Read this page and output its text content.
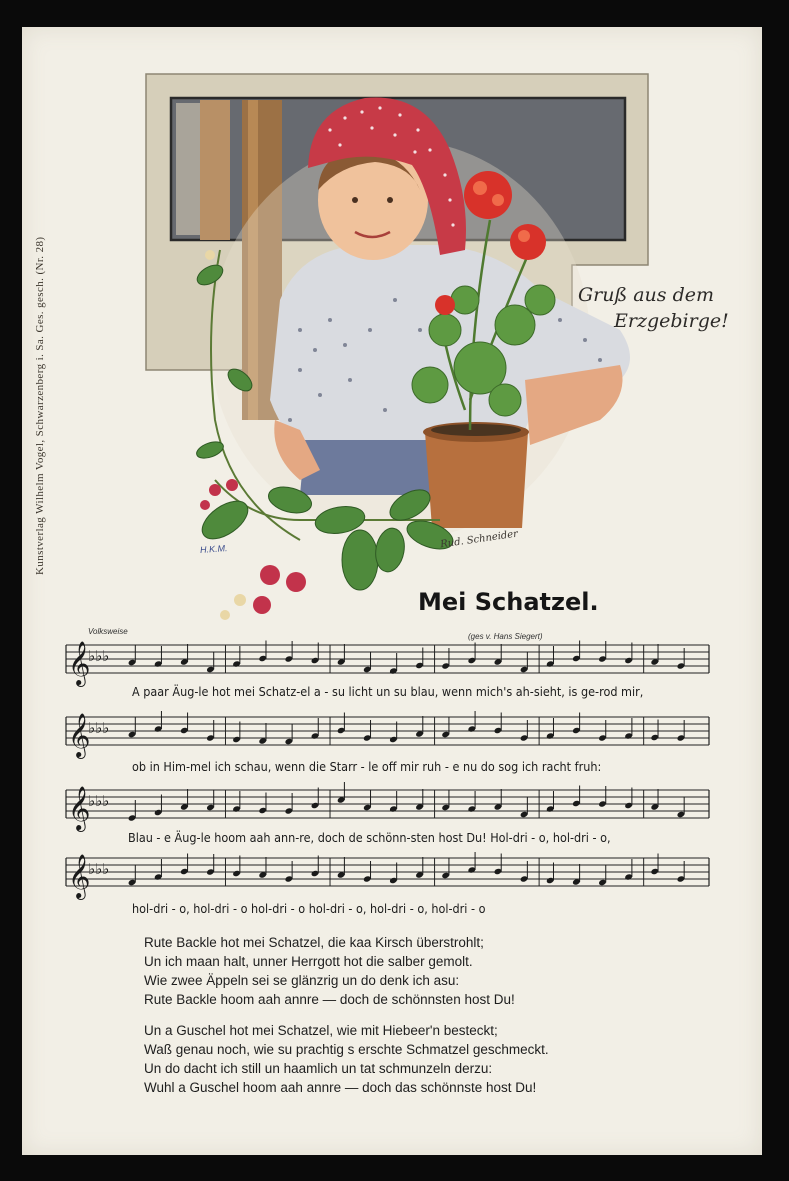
Kunstverlag Wilhelm Vogel, Schwarzenberg i. Sa. Ges. gesch. (Nr. 28)	Gruß aus dem
Erzgebirge!
Rud. Schneider
H.K.M.
Mei Schatzel.
Volksweise
(ges v. Hans Siegert)
𝄞
♭♭♭
𝄞
♭♭♭
𝄞
♭♭♭
𝄞
♭♭♭
A paar Äug-le hot mei Schatz-el a - su licht un su blau, wenn mich's ah-sieht, is ge-rod mir,
ob in Him-mel ich schau, wenn die Starr - le off mir ruh - e nu do sog ich racht fruh:
Blau - e Äug-le hoom aah ann-re, doch de schönn-sten host Du! Hol-dri - o, hol-dri - o,
hol-dri - o, hol-dri - o hol-dri - o hol-dri - o, hol-dri - o, hol-dri - o
Rute Backle hot mei Schatzel, die kaa Kirsch überstrohlt;
Un ich maan halt, unner Herrgott hot die salber gemolt.
Wie zwee Äppeln sei se glänzrig un do denk ich asu:
Rute Backle hoom aah annre — doch de schönnsten host Du!
Un a Guschel hot mei Schatzel, wie mit Hiebeer'n besteckt;
Waß genau noch, wie su prachtig s erschte Schmatzel geschmeckt.
Un do dacht ich still un haamlich un tat schmunzeln derzu:
Wuhl a Guschel hoom aah annre — doch das schönnste host Du!
